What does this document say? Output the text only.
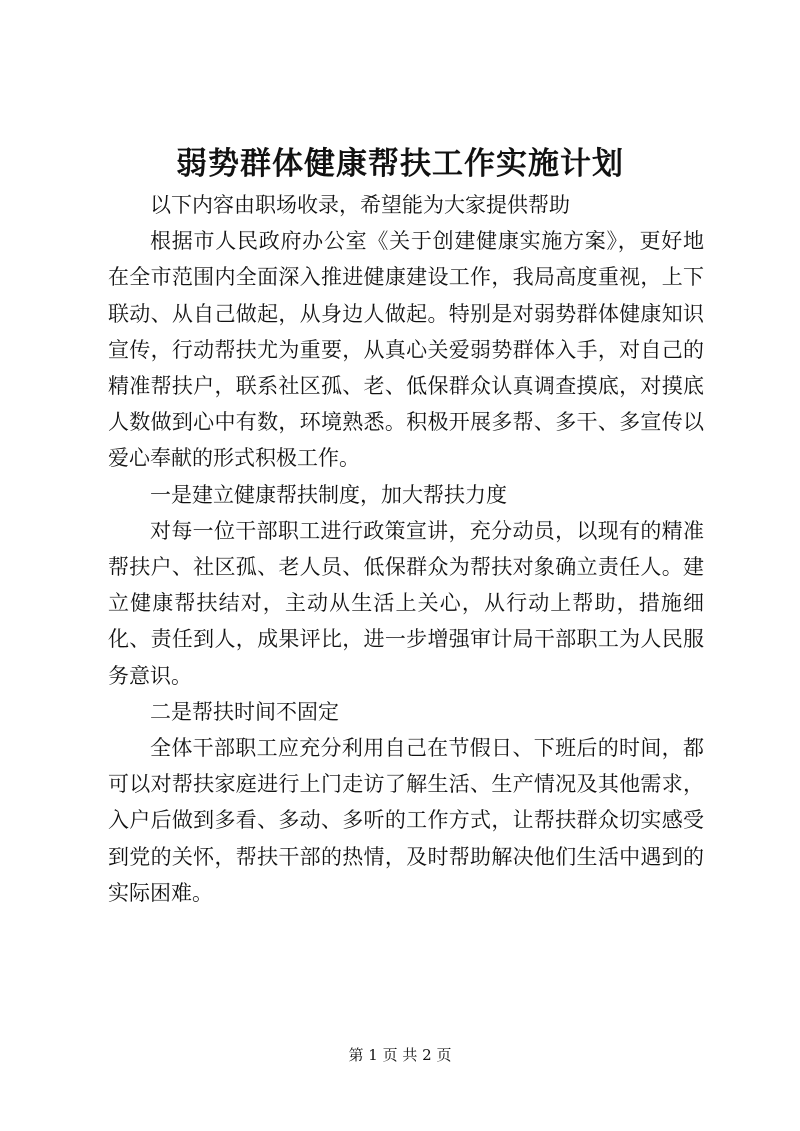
弱势群体健康帮扶工作实施计划

以下内容由职场收录，希望能为大家提供帮助

根据市人民政府办公室《关于创建健康实施方案》，更好地在全市范围内全面深入推进健康建设工作，我局高度重视，上下联动、从自己做起，从身边人做起。特别是对弱势群体健康知识宣传，行动帮扶尤为重要，从真心关爱弱势群体入手，对自己的精准帮扶户，联系社区孤、老、低保群众认真调查摸底，对摸底人数做到心中有数，环境熟悉。积极开展多帮、多干、多宣传以爱心奉献的形式积极工作。

一是建立健康帮扶制度，加大帮扶力度

对每一位干部职工进行政策宣讲，充分动员，以现有的精准帮扶户、社区孤、老人员、低保群众为帮扶对象确立责任人。建立健康帮扶结对，主动从生活上关心，从行动上帮助，措施细化、责任到人，成果评比，进一步增强审计局干部职工为人民服务意识。

二是帮扶时间不固定

全体干部职工应充分利用自己在节假日、下班后的时间，都可以对帮扶家庭进行上门走访了解生活、生产情况及其他需求，入户后做到多看、多动、多听的工作方式，让帮扶群众切实感受到党的关怀，帮扶干部的热情，及时帮助解决他们生活中遇到的实际困难。

第 1 页 共 2 页
